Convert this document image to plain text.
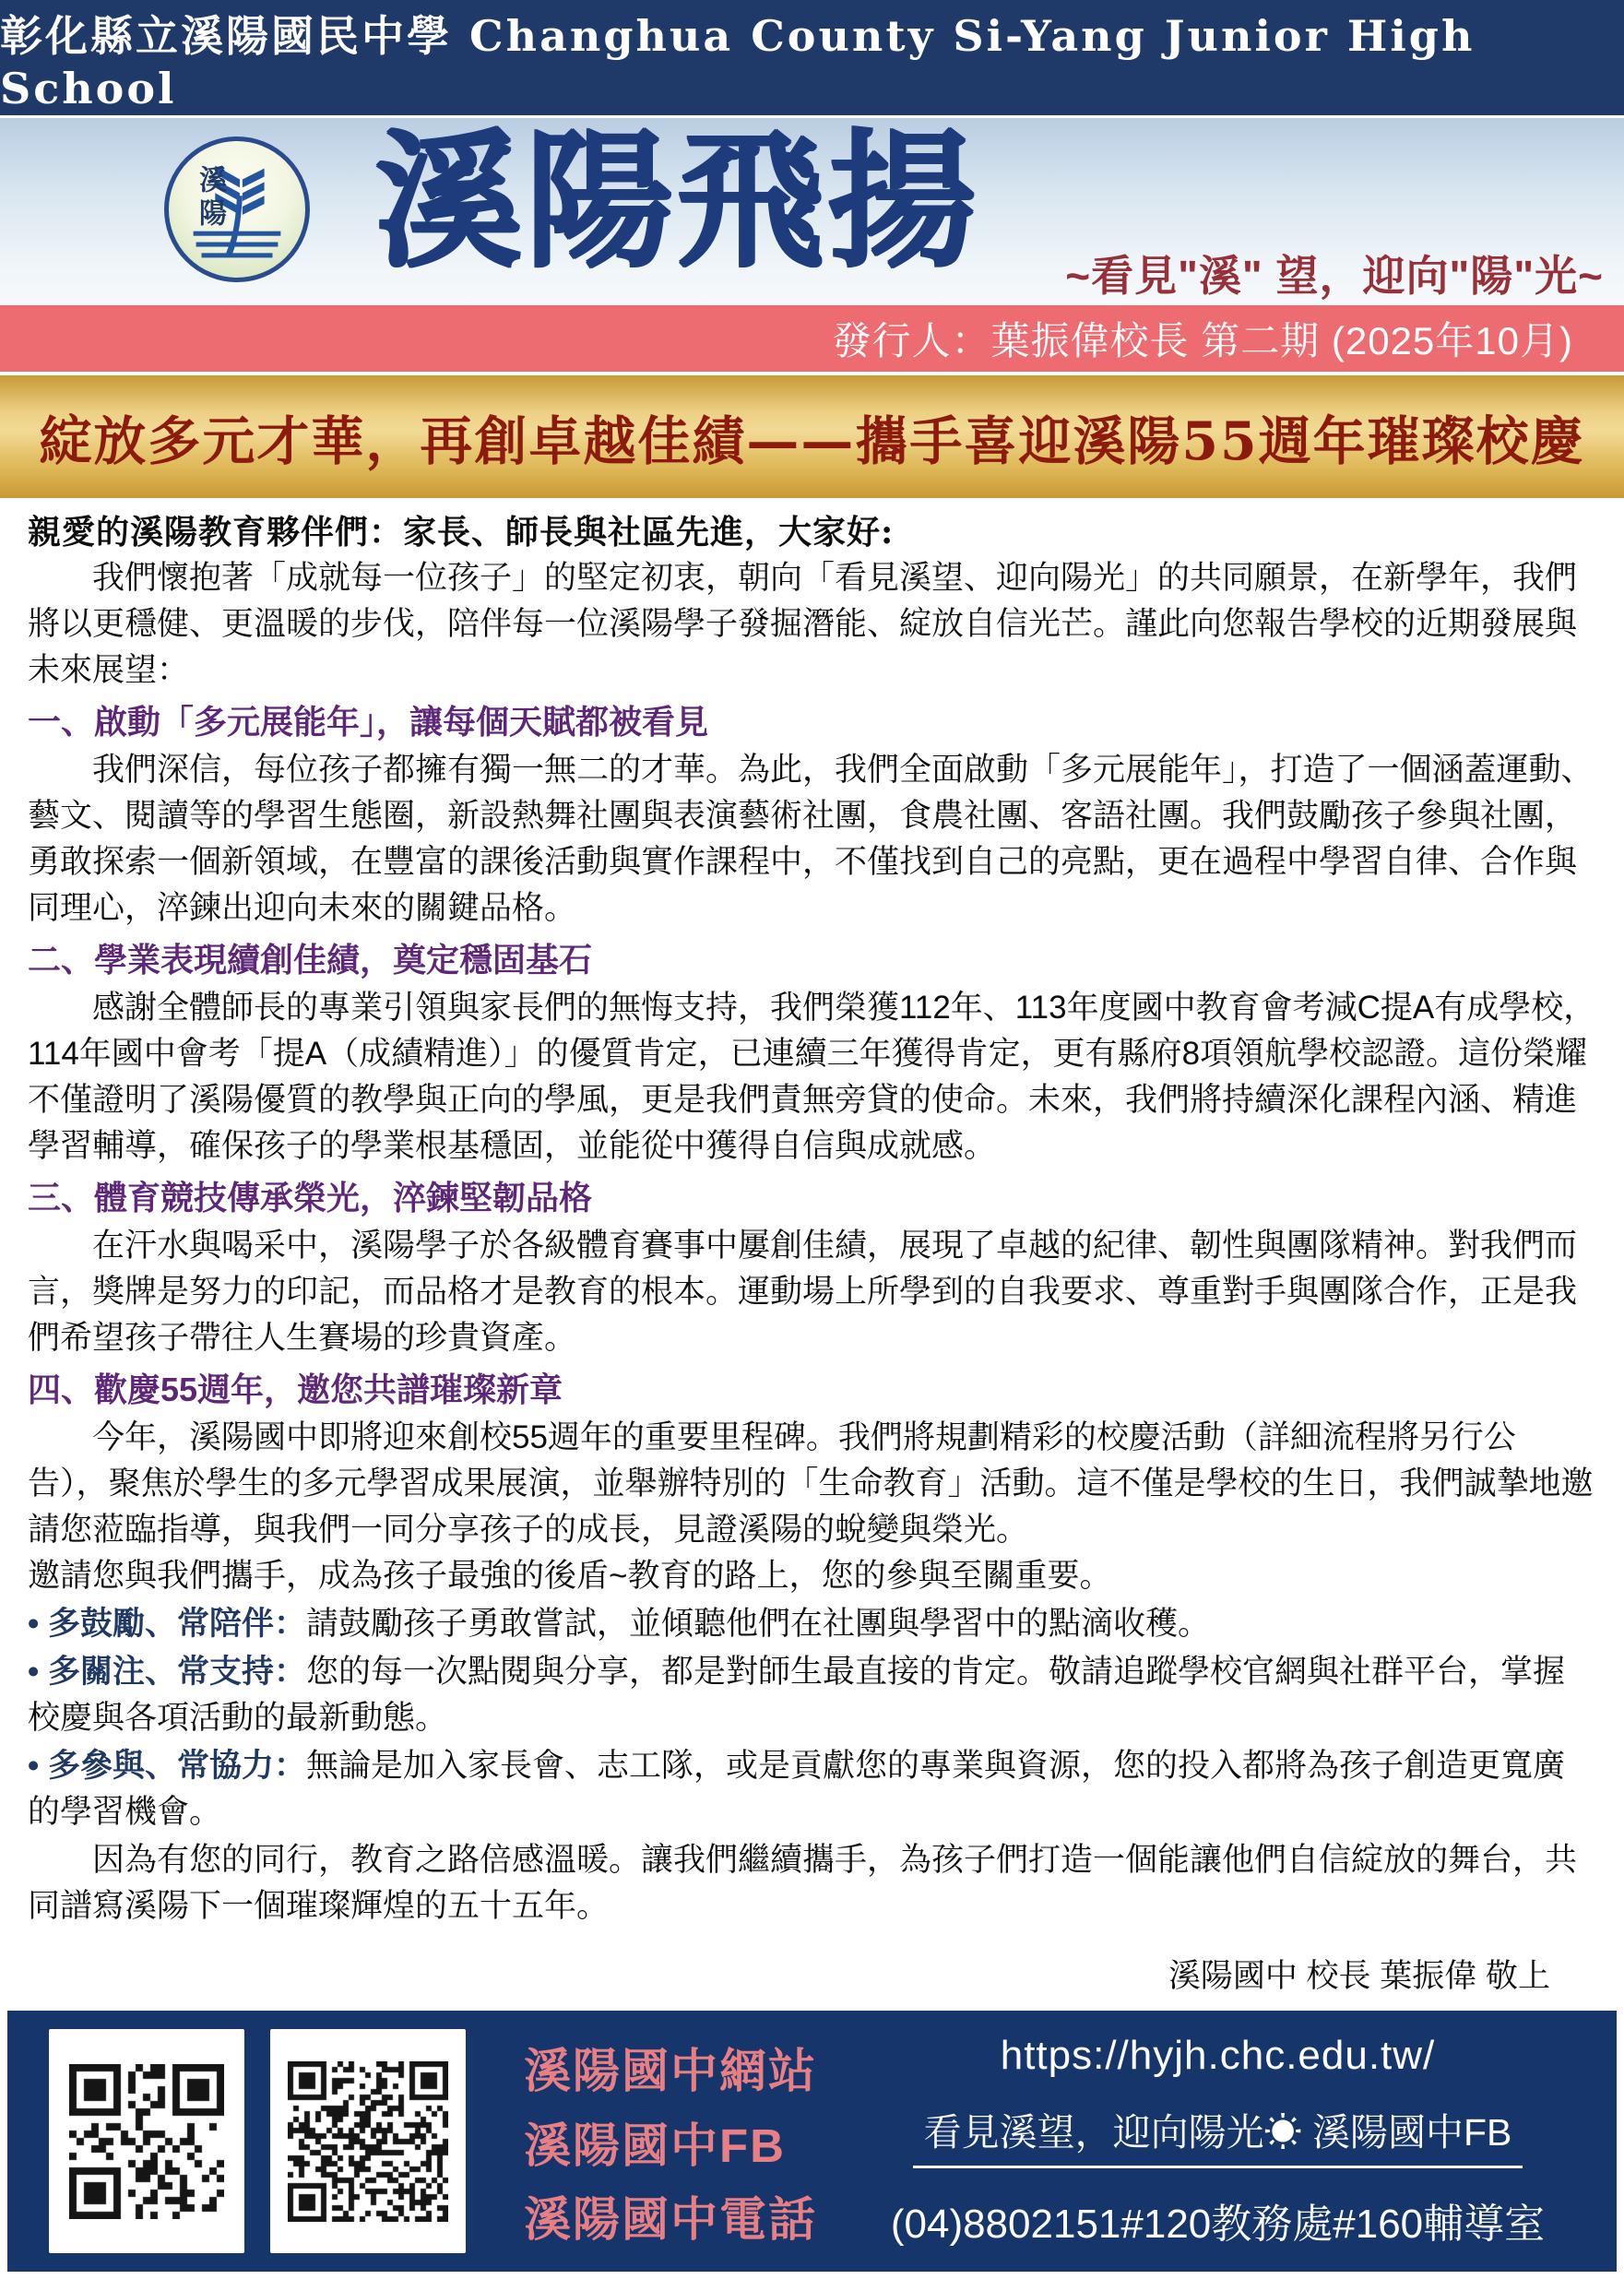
彰化縣立溪陽國民中學 Changhua County Si-Yang Junior High School
溪陽 溪陽飛揚 ~看見"溪" 望，迎向"陽"光~
發行人：葉振偉校長 第二期 (2025年10月)
綻放多元才華，再創卓越佳績——攜手喜迎溪陽55週年璀璨校慶

親愛的溪陽教育夥伴們：家長、師長與社區先進，大家好:

我們懷抱著「成就每一位孩子」的堅定初衷，朝向「看見溪望、迎向陽光」的共同願景，在新學年，我們將以更穩健、更溫暖的步伐，陪伴每一位溪陽學子發掘潛能、綻放自信光芒。謹此向您報告學校的近期發展與未來展望：

一、啟動「多元展能年」，讓每個天賦都被看見

我們深信，每位孩子都擁有獨一無二的才華。為此，我們全面啟動「多元展能年」，打造了一個涵蓋運動、藝文、閱讀等的學習生態圈，新設熱舞社團與表演藝術社團，食農社團、客語社團。我們鼓勵孩子參與社團，勇敢探索一個新領域，在豐富的課後活動與實作課程中，不僅找到自己的亮點，更在過程中學習自律、合作與同理心，淬鍊出迎向未來的關鍵品格。

二、學業表現續創佳績，奠定穩固基石

感謝全體師長的專業引領與家長們的無悔支持，我們榮獲112年、113年度國中教育會考減C提A有成學校，114年國中會考「提A（成績精進）」的優質肯定，已連續三年獲得肯定，更有縣府8項領航學校認證。這份榮耀不僅證明了溪陽優質的教學與正向的學風，更是我們責無旁貸的使命。未來，我們將持續深化課程內涵、精進學習輔導，確保孩子的學業根基穩固，並能從中獲得自信與成就感。

三、體育競技傳承榮光，淬鍊堅韌品格

在汗水與喝采中，溪陽學子於各級體育賽事中屢創佳績，展現了卓越的紀律、韌性與團隊精神。對我們而言，獎牌是努力的印記，而品格才是教育的根本。運動場上所學到的自我要求、尊重對手與團隊合作，正是我們希望孩子帶往人生賽場的珍貴資產。

四、歡慶55週年，邀您共譜璀璨新章

今年，溪陽國中即將迎來創校55週年的重要里程碑。我們將規劃精彩的校慶活動（詳細流程將另行公告），聚焦於學生的多元學習成果展演，並舉辦特別的「生命教育」活動。這不僅是學校的生日，我們誠摯地邀請您蒞臨指導，與我們一同分享孩子的成長，見證溪陽的蛻變與榮光。

邀請您與我們攜手，成為孩子最強的後盾~教育的路上，您的參與至關重要。

• 多鼓勵、常陪伴：請鼓勵孩子勇敢嘗試，並傾聽他們在社團與學習中的點滴收穫。
• 多關注、常支持：您的每一次點閱與分享，都是對師生最直接的肯定。敬請追蹤學校官網與社群平台，掌握校慶與各項活動的最新動態。
• 多參與、常協力：無論是加入家長會、志工隊，或是貢獻您的專業與資源，您的投入都將為孩子創造更寬廣的學習機會。

因為有您的同行，教育之路倍感溫暖。讓我們繼續攜手，為孩子們打造一個能讓他們自信綻放的舞台，共同譜寫溪陽下一個璀璨輝煌的五十五年。

溪陽國中 校長 葉振偉 敬上
溪陽國中網站
溪陽國中FB
溪陽國中電話
https://hyjh.chc.edu.tw/
看見溪望，迎向陽光☀ 溪陽國中FB
(04)8802151#120教務處#160輔導室
